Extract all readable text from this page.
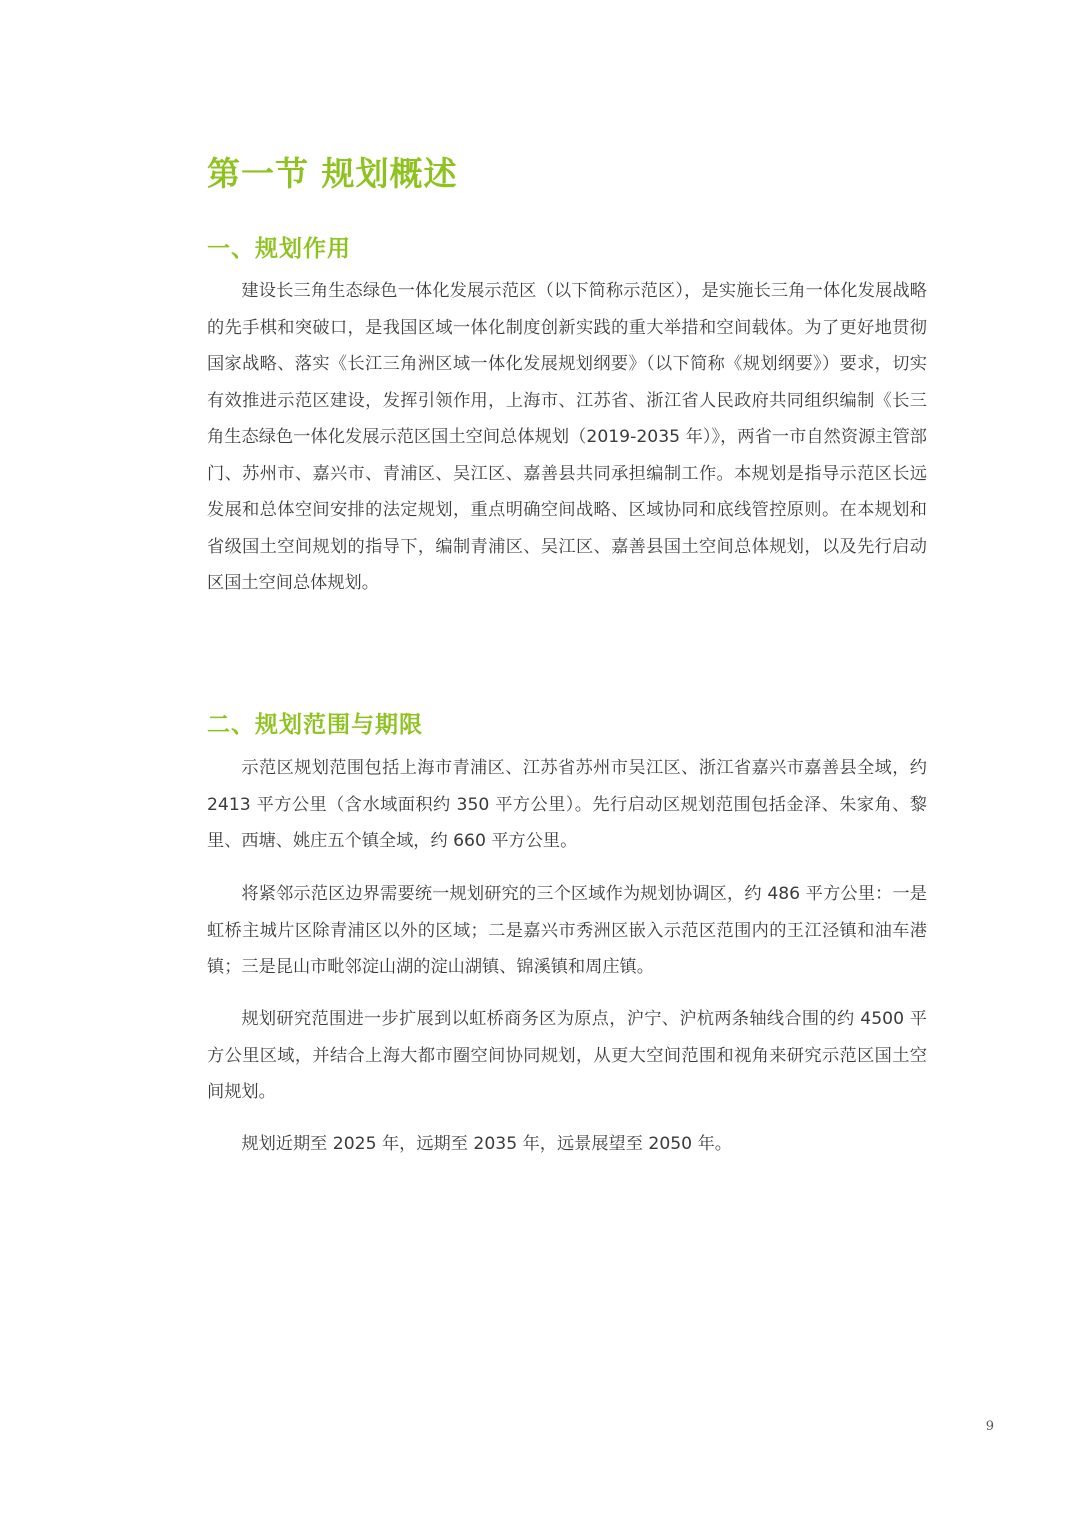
第一节 规划概述
一、规划作用

建设长三角生态绿色一体化发展示范区（以下简称示范区），是实施长三角一体化发展战略的先手棋和突破口，是我国区域一体化制度创新实践的重大举措和空间载体。为了更好地贯彻国家战略、落实《长江三角洲区域一体化发展规划纲要》（以下简称《规划纲要》）要求，切实有效推进示范区建设，发挥引领作用，上海市、江苏省、浙江省人民政府共同组织编制《长三角生态绿色一体化发展示范区国土空间总体规划（2019-2035 年）》，两省一市自然资源主管部门、苏州市、嘉兴市、青浦区、吴江区、嘉善县共同承担编制工作。本规划是指导示范区长远发展和总体空间安排的法定规划，重点明确空间战略、区域协同和底线管控原则。在本规划和省级国土空间规划的指导下，编制青浦区、吴江区、嘉善县国土空间总体规划，以及先行启动区国土空间总体规划。

二、规划范围与期限

示范区规划范围包括上海市青浦区、江苏省苏州市吴江区、浙江省嘉兴市嘉善县全域，约 2413 平方公里（含水域面积约 350 平方公里）。先行启动区规划范围包括金泽、朱家角、黎里、西塘、姚庄五个镇全域，约 660 平方公里。

将紧邻示范区边界需要统一规划研究的三个区域作为规划协调区，约 486 平方公里：一是虹桥主城片区除青浦区以外的区域；二是嘉兴市秀洲区嵌入示范区范围内的王江泾镇和油车港镇；三是昆山市毗邻淀山湖的淀山湖镇、锦溪镇和周庄镇。

规划研究范围进一步扩展到以虹桥商务区为原点，沪宁、沪杭两条轴线合围的约 4500 平方公里区域，并结合上海大都市圈空间协同规划，从更大空间范围和视角来研究示范区国土空间规划。

规划近期至 2025 年，远期至 2035 年，远景展望至 2050 年。

9
